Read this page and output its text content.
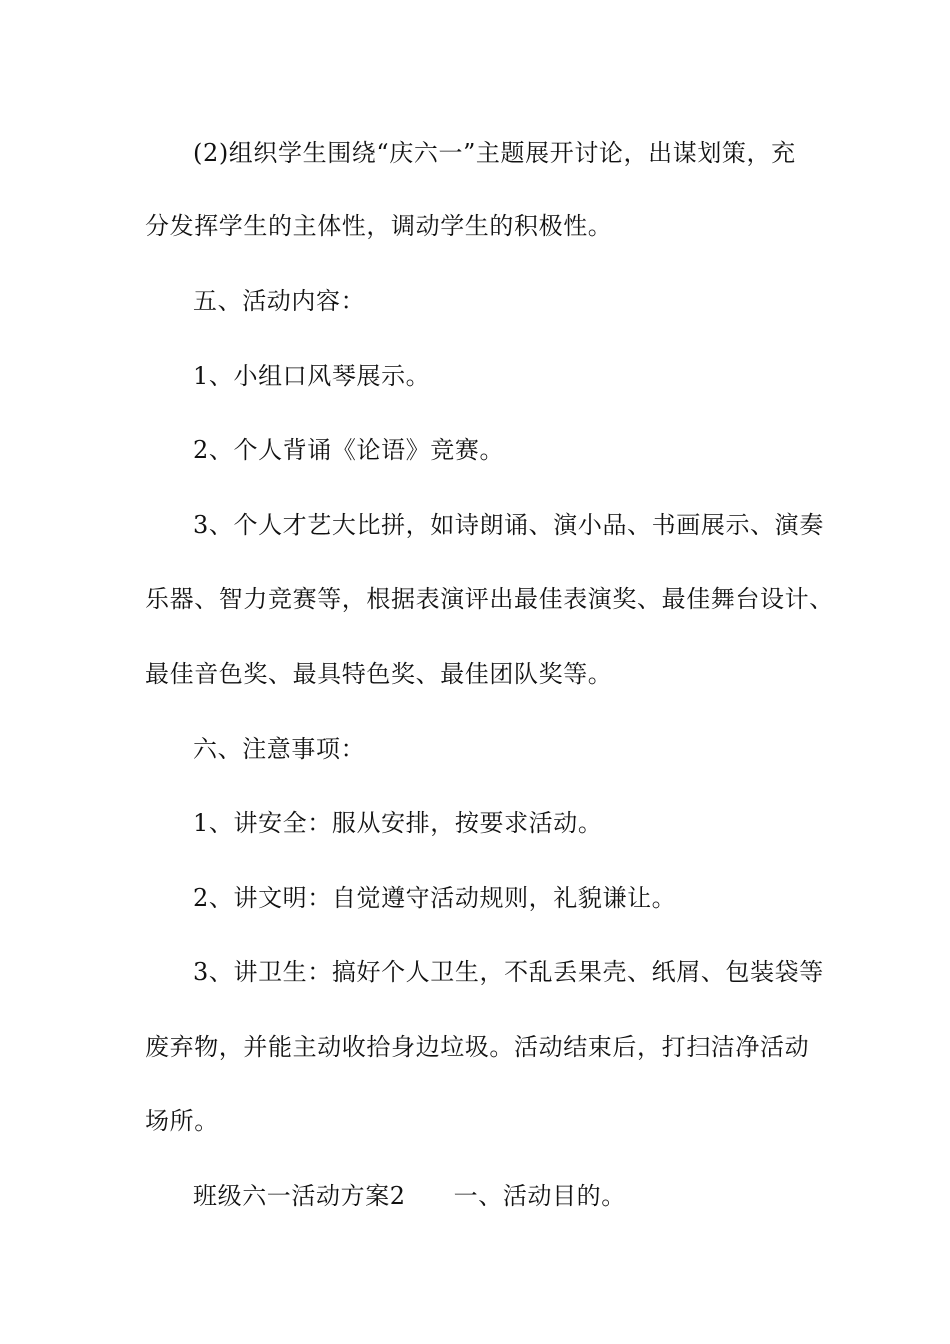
(2)组织学生围绕“庆六一”主题展开讨论，出谋划策，充
分发挥学生的主体性，调动学生的积极性。
五、活动内容：
1、小组口风琴展示。
2、个人背诵《论语》竞赛。
3、个人才艺大比拼，如诗朗诵、演小品、书画展示、演奏
乐器、智力竞赛等，根据表演评出最佳表演奖、最佳舞台设计、
最佳音色奖、最具特色奖、最佳团队奖等。
六、注意事项：
1、讲安全：服从安排，按要求活动。
2、讲文明：自觉遵守活动规则，礼貌谦让。
3、讲卫生：搞好个人卫生，不乱丢果壳、纸屑、包装袋等
废弃物，并能主动收拾身边垃圾。活动结束后，打扫洁净活动
场所。
班级六一活动方案2 一、活动目的。
